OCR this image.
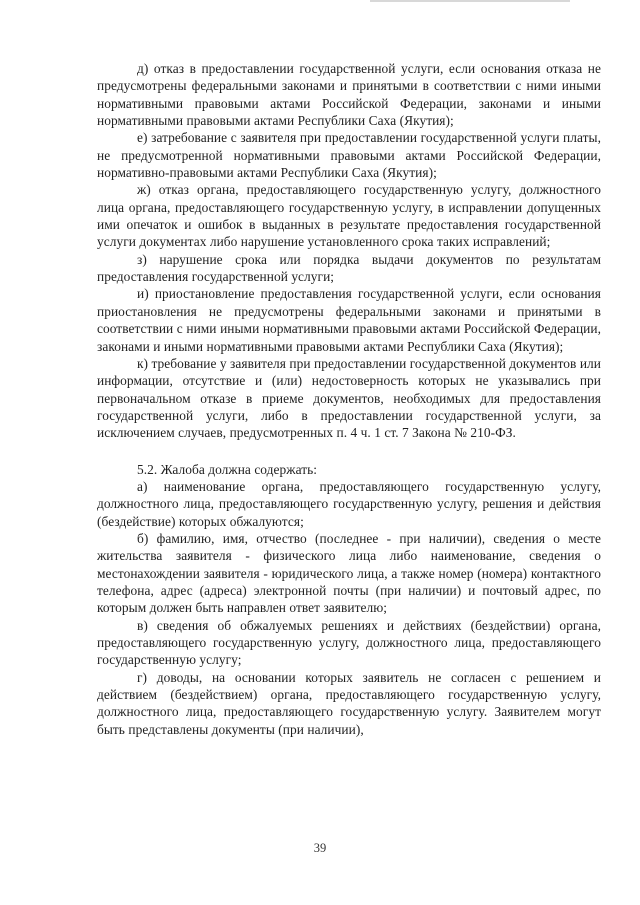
д) отказ в предоставлении государственной услуги, если основания отказа не предусмотрены федеральными законами и принятыми в соответствии с ними иными нормативными правовыми актами Российской Федерации, законами и иными нормативными правовыми актами Республики Саха (Якутия);

е) затребование с заявителя при предоставлении государственной услуги платы, не предусмотренной нормативными правовыми актами Российской Федерации, нормативно-правовыми актами Республики Саха (Якутия);

ж) отказ органа, предоставляющего государственную услугу, должностного лица органа, предоставляющего государственную услугу, в исправлении допущенных ими опечаток и ошибок в выданных в результате предоставления государственной услуги документах либо нарушение установленного срока таких исправлений;

з) нарушение срока или порядка выдачи документов по результатам предоставления государственной услуги;

и) приостановление предоставления государственной услуги, если основания приостановления не предусмотрены федеральными законами и принятыми в соответствии с ними иными нормативными правовыми актами Российской Федерации, законами и иными нормативными правовыми актами Республики Саха (Якутия);

к) требование у заявителя при предоставлении государственной документов или информации, отсутствие и (или) недостоверность которых не указывались при первоначальном отказе в приеме документов, необходимых для предоставления государственной услуги, либо в предоставлении государственной услуги, за исключением случаев, предусмотренных п. 4 ч. 1 ст. 7 Закона № 210-ФЗ.

5.2. Жалоба должна содержать:

а) наименование органа, предоставляющего государственную услугу, должностного лица, предоставляющего государственную услугу, решения и действия (бездействие) которых обжалуются;

б) фамилию, имя, отчество (последнее - при наличии), сведения о месте жительства заявителя - физического лица либо наименование, сведения о местонахождении заявителя - юридического лица, а также номер (номера) контактного телефона, адрес (адреса) электронной почты (при наличии) и почтовый адрес, по которым должен быть направлен ответ заявителю;

в) сведения об обжалуемых решениях и действиях (бездействии) органа, предоставляющего государственную услугу, должностного лица, предоставляющего государственную услугу;

г) доводы, на основании которых заявитель не согласен с решением и действием (бездействием) органа, предоставляющего государственную услугу, должностного лица, предоставляющего государственную услугу. Заявителем могут быть представлены документы (при наличии),

39
